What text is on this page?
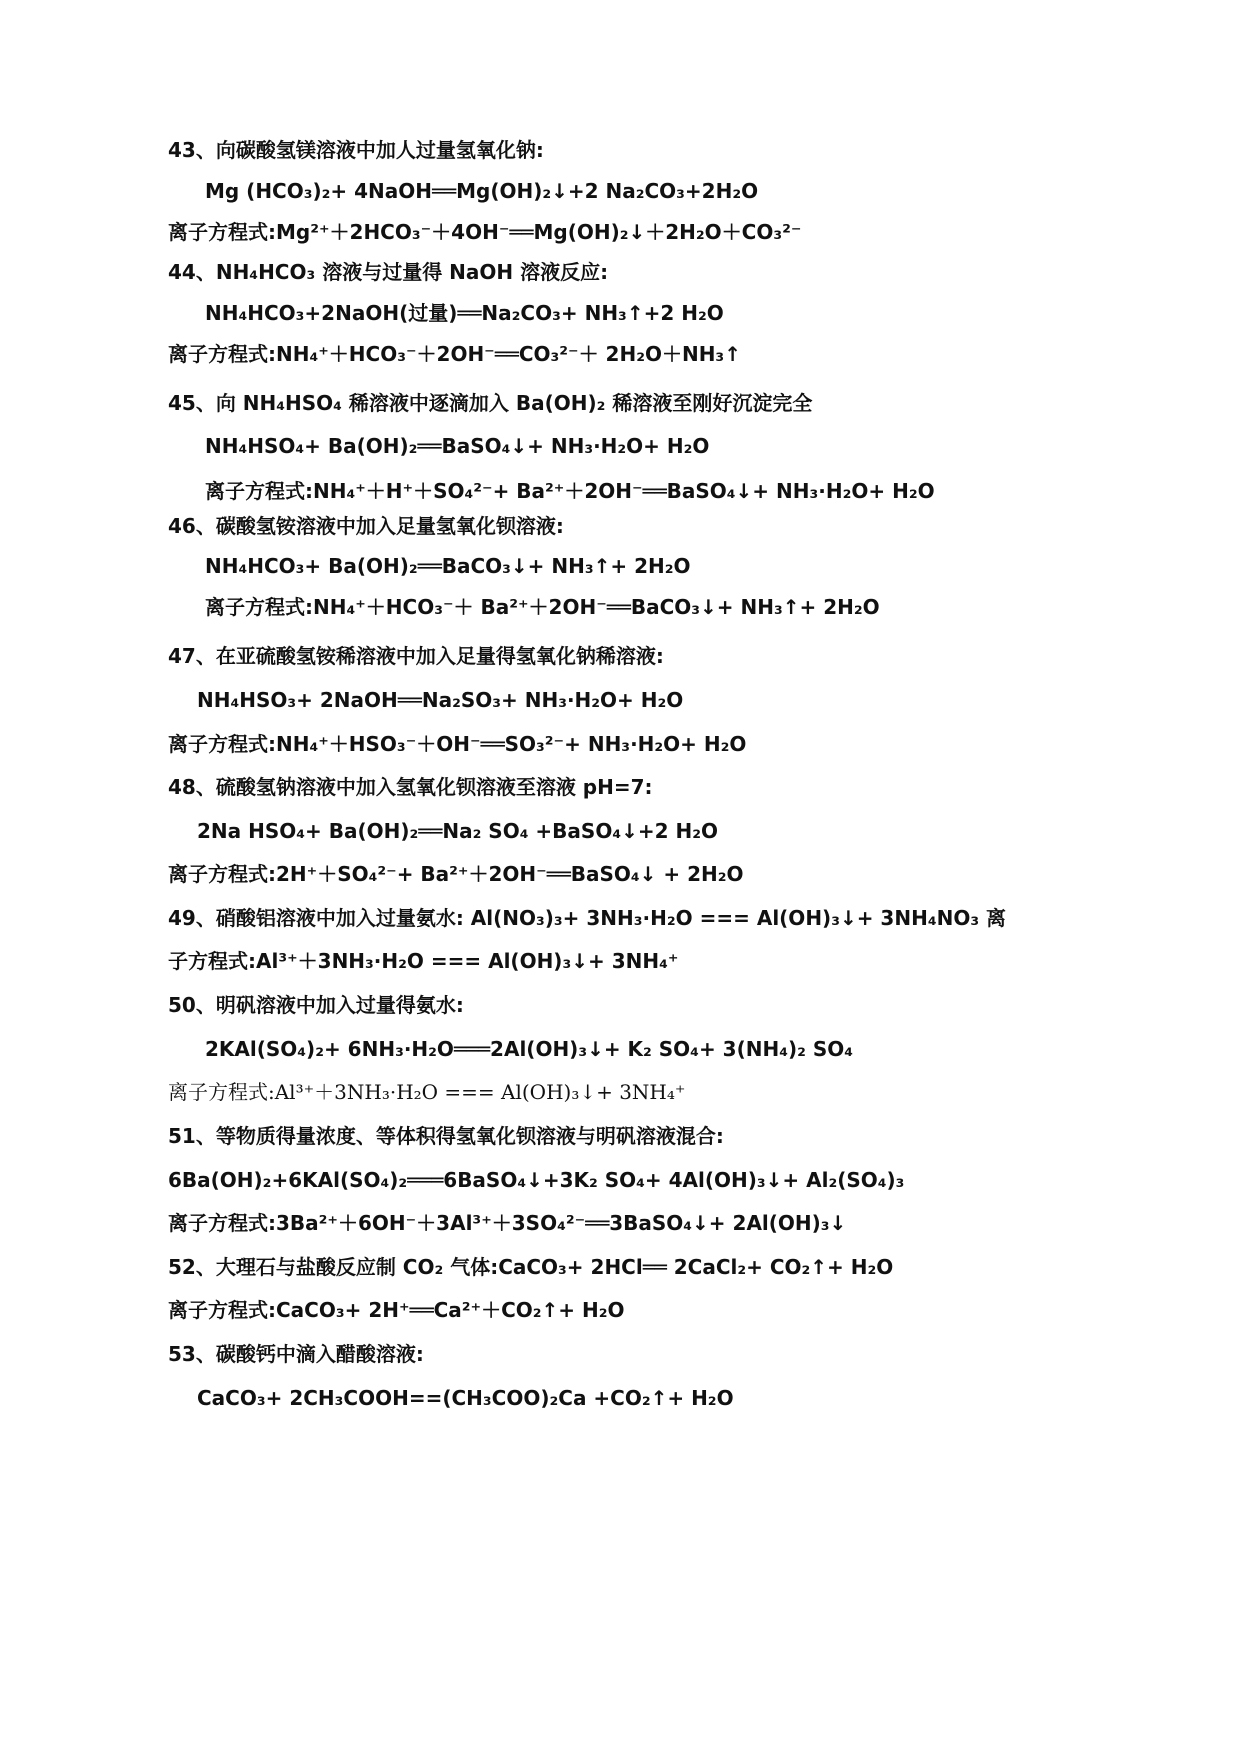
43、向碳酸氢镁溶液中加人过量氢氧化钠:
Mg (HCO₃)₂+ 4NaOH══Mg(OH)₂↓+2 Na₂CO₃+2H₂O
离子方程式:Mg²⁺＋2HCO₃⁻＋4OH⁻══Mg(OH)₂↓＋2H₂O＋CO₃²⁻
44、NH₄HCO₃ 溶液与过量得 NaOH 溶液反应:
NH₄HCO₃+2NaOH(过量)══Na₂CO₃+ NH₃↑+2 H₂O
离子方程式:NH₄⁺＋HCO₃⁻＋2OH⁻══CO₃²⁻＋ 2H₂O＋NH₃↑
45、向 NH₄HSO₄ 稀溶液中逐滴加入 Ba(OH)₂ 稀溶液至刚好沉淀完全
NH₄HSO₄+ Ba(OH)₂══BaSO₄↓+ NH₃·H₂O+ H₂O
离子方程式:NH₄⁺＋H⁺＋SO₄²⁻+ Ba²⁺＋2OH⁻══BaSO₄↓+ NH₃·H₂O+ H₂O
46、碳酸氢铵溶液中加入足量氢氧化钡溶液:
NH₄HCO₃+ Ba(OH)₂══BaCO₃↓+ NH₃↑+ 2H₂O
离子方程式:NH₄⁺＋HCO₃⁻＋ Ba²⁺＋2OH⁻══BaCO₃↓+ NH₃↑+ 2H₂O
47、在亚硫酸氢铵稀溶液中加入足量得氢氧化钠稀溶液:
NH₄HSO₃+ 2NaOH══Na₂SO₃+ NH₃·H₂O+ H₂O
离子方程式:NH₄⁺＋HSO₃⁻＋OH⁻══SO₃²⁻+ NH₃·H₂O+ H₂O
48、硫酸氢钠溶液中加入氢氧化钡溶液至溶液 pH=7:
2Na HSO₄+ Ba(OH)₂══Na₂ SO₄ +BaSO₄↓+2 H₂O
离子方程式:2H⁺＋SO₄²⁻+ Ba²⁺＋2OH⁻══BaSO₄↓ + 2H₂O
49、硝酸铝溶液中加入过量氨水: Al(NO₃)₃+ 3NH₃·H₂O === Al(OH)₃↓+ 3NH₄NO₃ 离
子方程式:Al³⁺＋3NH₃·H₂O === Al(OH)₃↓+ 3NH₄⁺
50、明矾溶液中加入过量得氨水:
2KAl(SO₄)₂+ 6NH₃·H₂O═══2Al(OH)₃↓+ K₂ SO₄+ 3(NH₄)₂ SO₄
离子方程式:Al³⁺＋3NH₃·H₂O === Al(OH)₃↓+ 3NH₄⁺
51、等物质得量浓度、等体积得氢氧化钡溶液与明矾溶液混合:
6Ba(OH)₂+6KAl(SO₄)₂═══6BaSO₄↓+3K₂ SO₄+ 4Al(OH)₃↓+ Al₂(SO₄)₃
离子方程式:3Ba²⁺＋6OH⁻＋3Al³⁺＋3SO₄²⁻══3BaSO₄↓+ 2Al(OH)₃↓
52、大理石与盐酸反应制 CO₂ 气体:CaCO₃+ 2HCl══ 2CaCl₂+ CO₂↑+ H₂O
离子方程式:CaCO₃+ 2H⁺══Ca²⁺＋CO₂↑+ H₂O
53、碳酸钙中滴入醋酸溶液:
CaCO₃+ 2CH₃COOH==(CH₃COO)₂Ca +CO₂↑+ H₂O
